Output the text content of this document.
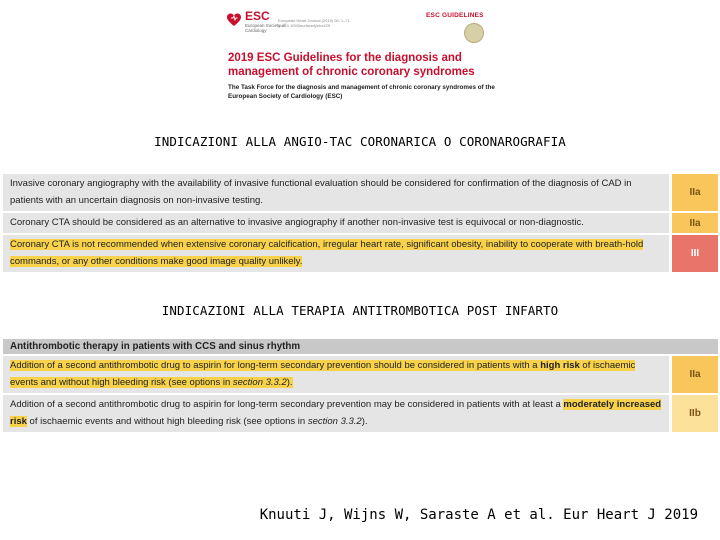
ESC
European Society of Cardiology
European Heart Journal (2019) 00, 1–71 doi:10.1093/eurheartj/ehz425
ESC GUIDELINES
2019 ESC Guidelines for the diagnosis and management of chronic coronary syndromes
The Task Force for the diagnosis and management of chronic coronary syndromes of the European Society of Cardiology (ESC)
INDICAZIONI ALLA ANGIO-TAC CORONARICA O CORONAROGRAFIA
Invasive coronary angiography with the availability of invasive functional evaluation should be considered for confirmation of the diagnosis of CAD in patients with an uncertain diagnosis on non-invasive testing.
IIa
Coronary CTA should be considered as an alternative to invasive angiography if another non-invasive test is equivocal or non-diagnostic.	IIa
Coronary CTA is not recommended when extensive coronary calcification, irregular heart rate, significant obesity, inability to cooperate with breath-hold commands, or any other conditions make good image quality unlikely.
III
INDICAZIONI ALLA TERAPIA ANTITROMBOTICA POST INFARTO
Antithrombotic therapy in patients with CCS and sinus rhythm
Addition of a second antithrombotic drug to aspirin for long-term secondary prevention should be considered in patients with a high risk of ischaemic events and without high bleeding risk (see options in section 3.3.2).
IIa
Addition of a second antithrombotic drug to aspirin for long-term secondary prevention may be considered in patients with at least a moderately increased risk of ischaemic events and without high bleeding risk (see options in section 3.3.2).
IIb
Knuuti J, Wijns W, Saraste A et al. Eur Heart J 2019
